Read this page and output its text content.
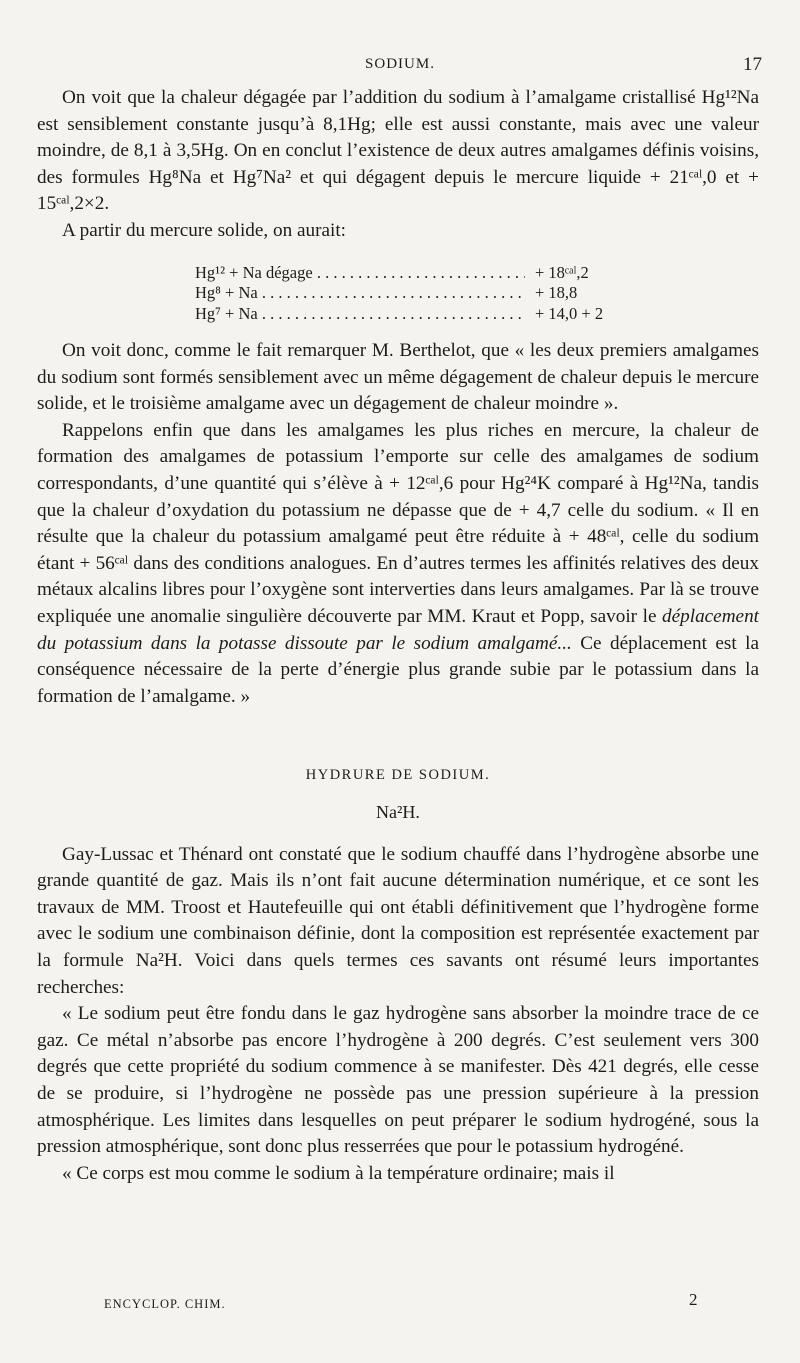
SODIUM.	17

On voit que la chaleur dégagée par l’addition du sodium à l’amalgame cristallisé Hg¹²Na est sensiblement constante jusqu’à 8,1Hg; elle est aussi constante, mais avec une valeur moindre, de 8,1 à 3,5Hg. On en conclut l’existence de deux autres amalgames définis voisins, des formules Hg⁸Na et Hg⁷Na² et qui dégagent depuis le mercure liquide + 21ᶜᵃˡ,0 et + 15ᶜᵃˡ,2×2.

A partir du mercure solide, on aurait:

Hg¹² + Na dégage . . .	+ 18ᶜᵃˡ,2
Hg⁸ + Na . . .	+ 18,8
Hg⁷ + Na . . .	+ 14,0 + 2

On voit donc, comme le fait remarquer M. Berthelot, que « les deux premiers amalgames du sodium sont formés sensiblement avec un même dégagement de chaleur depuis le mercure solide, et le troisième amalgame avec un dégagement de chaleur moindre ».

Rappelons enfin que dans les amalgames les plus riches en mercure, la chaleur de formation des amalgames de potassium l’emporte sur celle des amalgames de sodium correspondants, d’une quantité qui s’élève à + 12ᶜᵃˡ,6 pour Hg²⁴K comparé à Hg¹²Na, tandis que la chaleur d’oxydation du potassium ne dépasse que de + 4,7 celle du sodium. « Il en résulte que la chaleur du potassium amalgamé peut être réduite à + 48ᶜᵃˡ, celle du sodium étant + 56ᶜᵃˡ dans des conditions analogues. En d’autres termes les affinités relatives des deux métaux alcalins libres pour l’oxygène sont interverties dans leurs amalgames. Par là se trouve expliquée une anomalie singulière découverte par MM. Kraut et Popp, savoir le déplacement du potassium dans la potasse dissoute par le sodium amalgamé... Ce déplacement est la conséquence nécessaire de la perte d’énergie plus grande subie par le potassium dans la formation de l’amalgame. »

HYDRURE DE SODIUM.
Na²H.

Gay-Lussac et Thénard ont constaté que le sodium chauffé dans l’hydrogène absorbe une grande quantité de gaz. Mais ils n’ont fait aucune détermination numérique, et ce sont les travaux de MM. Troost et Hautefeuille qui ont établi définitivement que l’hydrogène forme avec le sodium une combinaison définie, dont la composition est représentée exactement par la formule Na²H. Voici dans quels termes ces savants ont résumé leurs importantes recherches:

« Le sodium peut être fondu dans le gaz hydrogène sans absorber la moindre trace de ce gaz. Ce métal n’absorbe pas encore l’hydrogène à 200 degrés. C’est seulement vers 300 degrés que cette propriété du sodium commence à se manifester. Dès 421 degrés, elle cesse de se produire, si l’hydrogène ne possède pas une pression supérieure à la pression atmosphérique. Les limites dans lesquelles on peut préparer le sodium hydrogéné, sous la pression atmosphérique, sont donc plus resserrées que pour le potassium hydrogéné.

« Ce corps est mou comme le sodium à la température ordinaire; mais il

ENCYCLOP. CHIM.	2
